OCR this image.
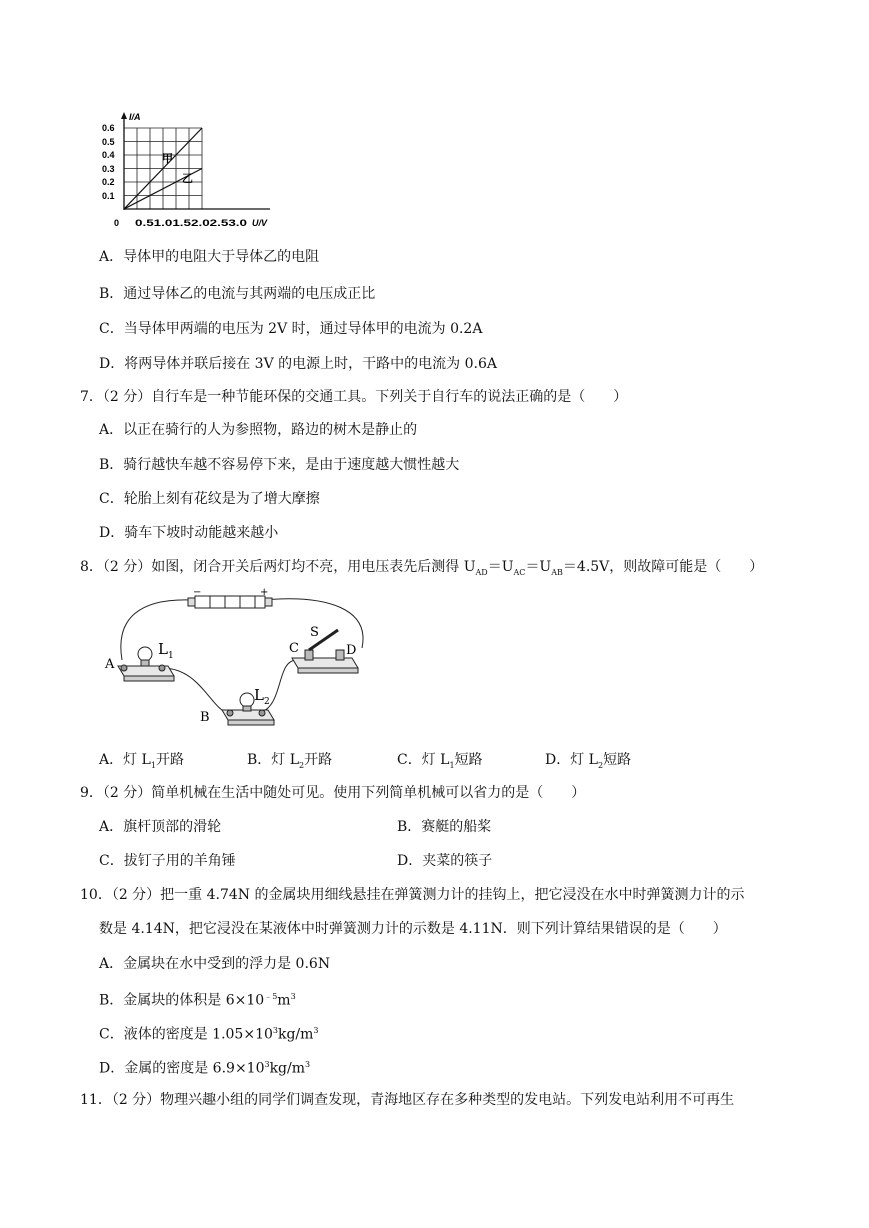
I/A
0.6
0.5
0.4
0.3
0.2
0.1
0 0.51.01.52.02.53.0 U/V
甲
乙
A．导体甲的电阻大于导体乙的电阻
B．通过导体乙的电流与其两端的电压成正比
C．当导体甲两端的电压为 2V 时，通过导体甲的电流为 0.2A
D．将两导体并联后接在 3V 的电源上时，干路中的电流为 0.6A
7．（2 分）自行车是一种节能环保的交通工具。下列关于自行车的说法正确的是（　　）
A．以正在骑行的人为参照物，路边的树木是静止的
B．骑行越快车越不容易停下来，是由于速度越大惯性越大
C．轮胎上刻有花纹是为了增大摩擦
D．骑车下坡时动能越来越小
8．（2 分）如图，闭合开关后两灯均不亮，用电压表先后测得 $U_{AD}=U_{AC}=U_{AB}=4.5V$，则故障可能是（　　）
−	+
A
L 1
B
L 2
C
S
D
A．灯 $L_1$开路	B．灯 $L_2$开路	C．灯 $L_1$短路	D．灯 $L_2$短路
9．（2 分）简单机械在生活中随处可见。使用下列简单机械可以省力的是（　　）
A．旗杆顶部的滑轮	B．赛艇的船桨
C．拔钉子用的羊角锤	D．夹菜的筷子
10．（2 分）把一重 4.74N 的金属块用细线悬挂在弹簧测力计的挂钩上，把它浸没在水中时弹簧测力计的示
数是 4.14N，把它浸没在某液体中时弹簧测力计的示数是 4.11N．则下列计算结果错误的是（　　）
A．金属块在水中受到的浮力是 0.6N
B．金属块的体积是 $6\times 10^{﹣5}m^3$
C．液体的密度是 $1.05\times 10^3kg/m^3$
D．金属的密度是 $6.9\times 10^3kg/m^3$
11．（2 分）物理兴趣小组的同学们调查发现，青海地区存在多种类型的发电站。下列发电站利用不可再生
